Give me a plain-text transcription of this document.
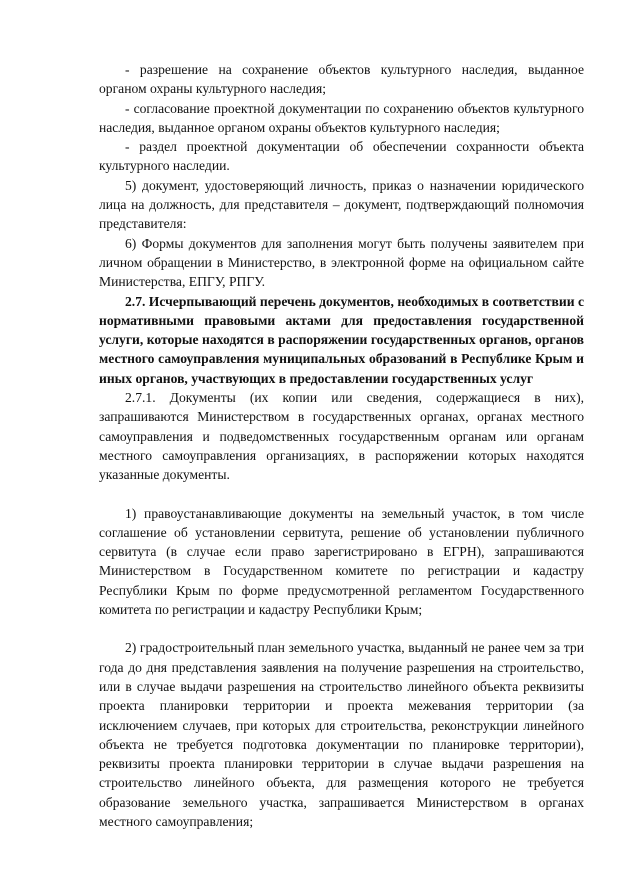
- разрешение на сохранение объектов культурного наследия, выданное органом охраны культурного наследия;

- согласование проектной документации по сохранению объектов культурного наследия, выданное органом охраны объектов культурного наследия;

- раздел проектной документации об обеспечении сохранности объекта культурного наследии.

5) документ, удостоверяющий личность, приказ о назначении юридического лица на должность, для представителя – документ, подтверждающий полномочия представителя:

6) Формы документов для заполнения могут быть получены заявителем при личном обращении в Министерство, в электронной форме на официальном сайте Министерства, ЕПГУ, РПГУ.

2.7. Исчерпывающий перечень документов, необходимых в соответствии с нормативными правовыми актами для предоставления государственной услуги, которые находятся в распоряжении государственных органов, органов местного самоуправления муниципальных образований в Республике Крым и иных органов, участвующих в предоставлении государственных услуг

2.7.1. Документы (их копии или сведения, содержащиеся в них), запрашиваются Министерством в государственных органах, органах местного самоуправления и подведомственных государственным органам или органам местного самоуправления организациях, в распоряжении которых находятся указанные документы.

1) правоустанавливающие документы на земельный участок, в том числе соглашение об установлении сервитута, решение об установлении публичного сервитута (в случае если право зарегистрировано в ЕГРН), запрашиваются Министерством в Государственном комитете по регистрации и кадастру Республики Крым по форме предусмотренной регламентом Государственного комитета по регистрации и кадастру Республики Крым;

2) градостроительный план земельного участка, выданный не ранее чем за три года до дня представления заявления на получение разрешения на строительство, или в случае выдачи разрешения на строительство линейного объекта реквизиты проекта планировки территории и проекта межевания территории (за исключением случаев, при которых для строительства, реконструкции линейного объекта не требуется подготовка документации по планировке территории), реквизиты проекта планировки территории в случае выдачи разрешения на строительство линейного объекта, для размещения которого не требуется образование земельного участка, запрашивается Министерством в органах местного самоуправления;
